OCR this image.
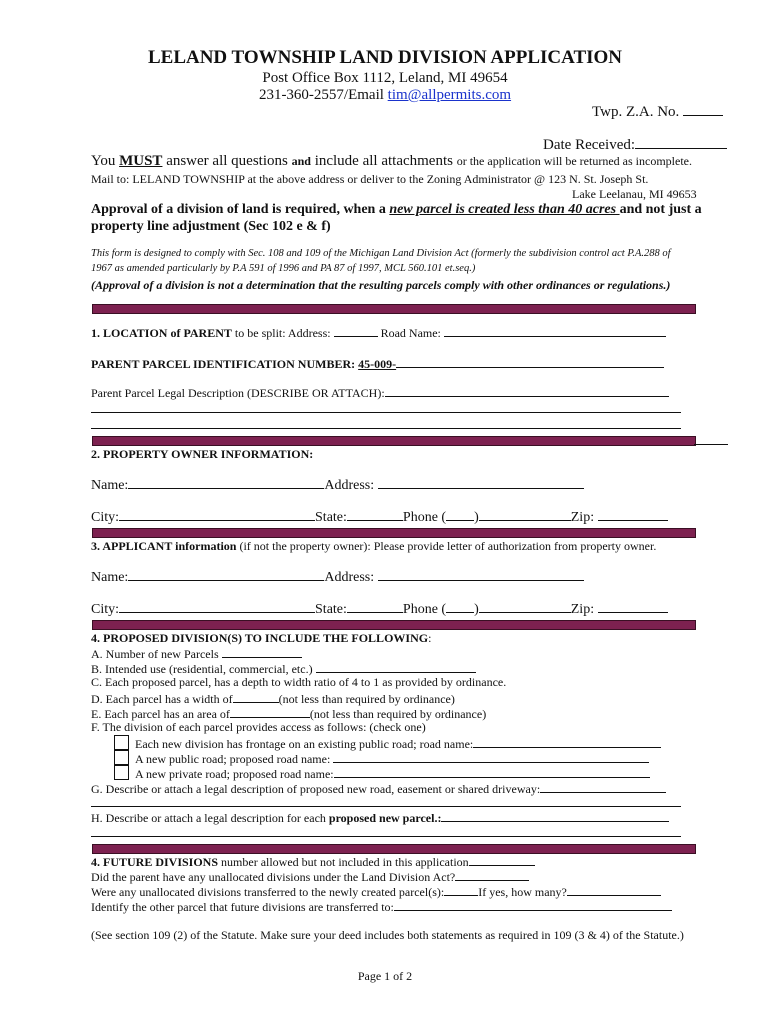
LELAND TOWNSHIP LAND DIVISION APPLICATION
Post Office Box 1112, Leland, MI 49654
231-360-2557/Email tim@allpermits.com
Twp. Z.A. No.
Date Received:
You MUST answer all questions and include all attachments or the application will be returned as incomplete.
Mail to: LELAND TOWNSHIP at the above address or deliver to the Zoning Administrator @ 123 N. St. Joseph St.
Lake Leelanau, MI 49653
Approval of a division of land is required, when a new parcel is created less than 40 acres and not just a
property line adjustment (Sec 102 e & f)
This form is designed to comply with Sec. 108 and 109 of the Michigan Land Division Act (formerly the subdivision control act P.A.288 of
1967 as amended particularly by P.A 591 of 1996 and PA 87 of 1997, MCL 560.101 et.seq.)
(Approval of a division is not a determination that the resulting parcels comply with other ordinances or regulations.)
1. LOCATION of PARENT to be split: Address:	Road Name:
PARENT PARCEL IDENTIFICATION NUMBER: 45-009-
Parent Parcel Legal Description (DESCRIBE OR ATTACH):
2. PROPERTY OWNER INFORMATION:
Name:	Address:
City:	State:	Phone ( )	Zip:
3. APPLICANT information (if not the property owner): Please provide letter of authorization from property owner.
Name:	Address:
City:	State:	Phone ( )	Zip:
4. PROPOSED DIVISION(S) TO INCLUDE THE FOLLOWING:
A. Number of new Parcels
B. Intended use (residential, commercial, etc.)
C. Each proposed parcel, has a depth to width ratio of 4 to 1 as provided by ordinance.
D. Each parcel has a width of	(not less than required by ordinance)
E. Each parcel has an area of	(not less than required by ordinance)
F. The division of each parcel provides access as follows: (check one)
Each new division has frontage on an existing public road; road name:
A new public road; proposed road name:
A new private road; proposed road name:
G. Describe or attach a legal description of proposed new road, easement or shared driveway:
H. Describe or attach a legal description for each proposed new parcel.:
4. FUTURE DIVISIONS number allowed but not included in this application
Did the parent have any unallocated divisions under the Land Division Act?
Were any unallocated divisions transferred to the newly created parcel(s):	If yes, how many?
Identify the other parcel that future divisions are transferred to:
(See section 109 (2) of the Statute. Make sure your deed includes both statements as required in 109 (3 & 4) of the Statute.)
Page 1 of 2
